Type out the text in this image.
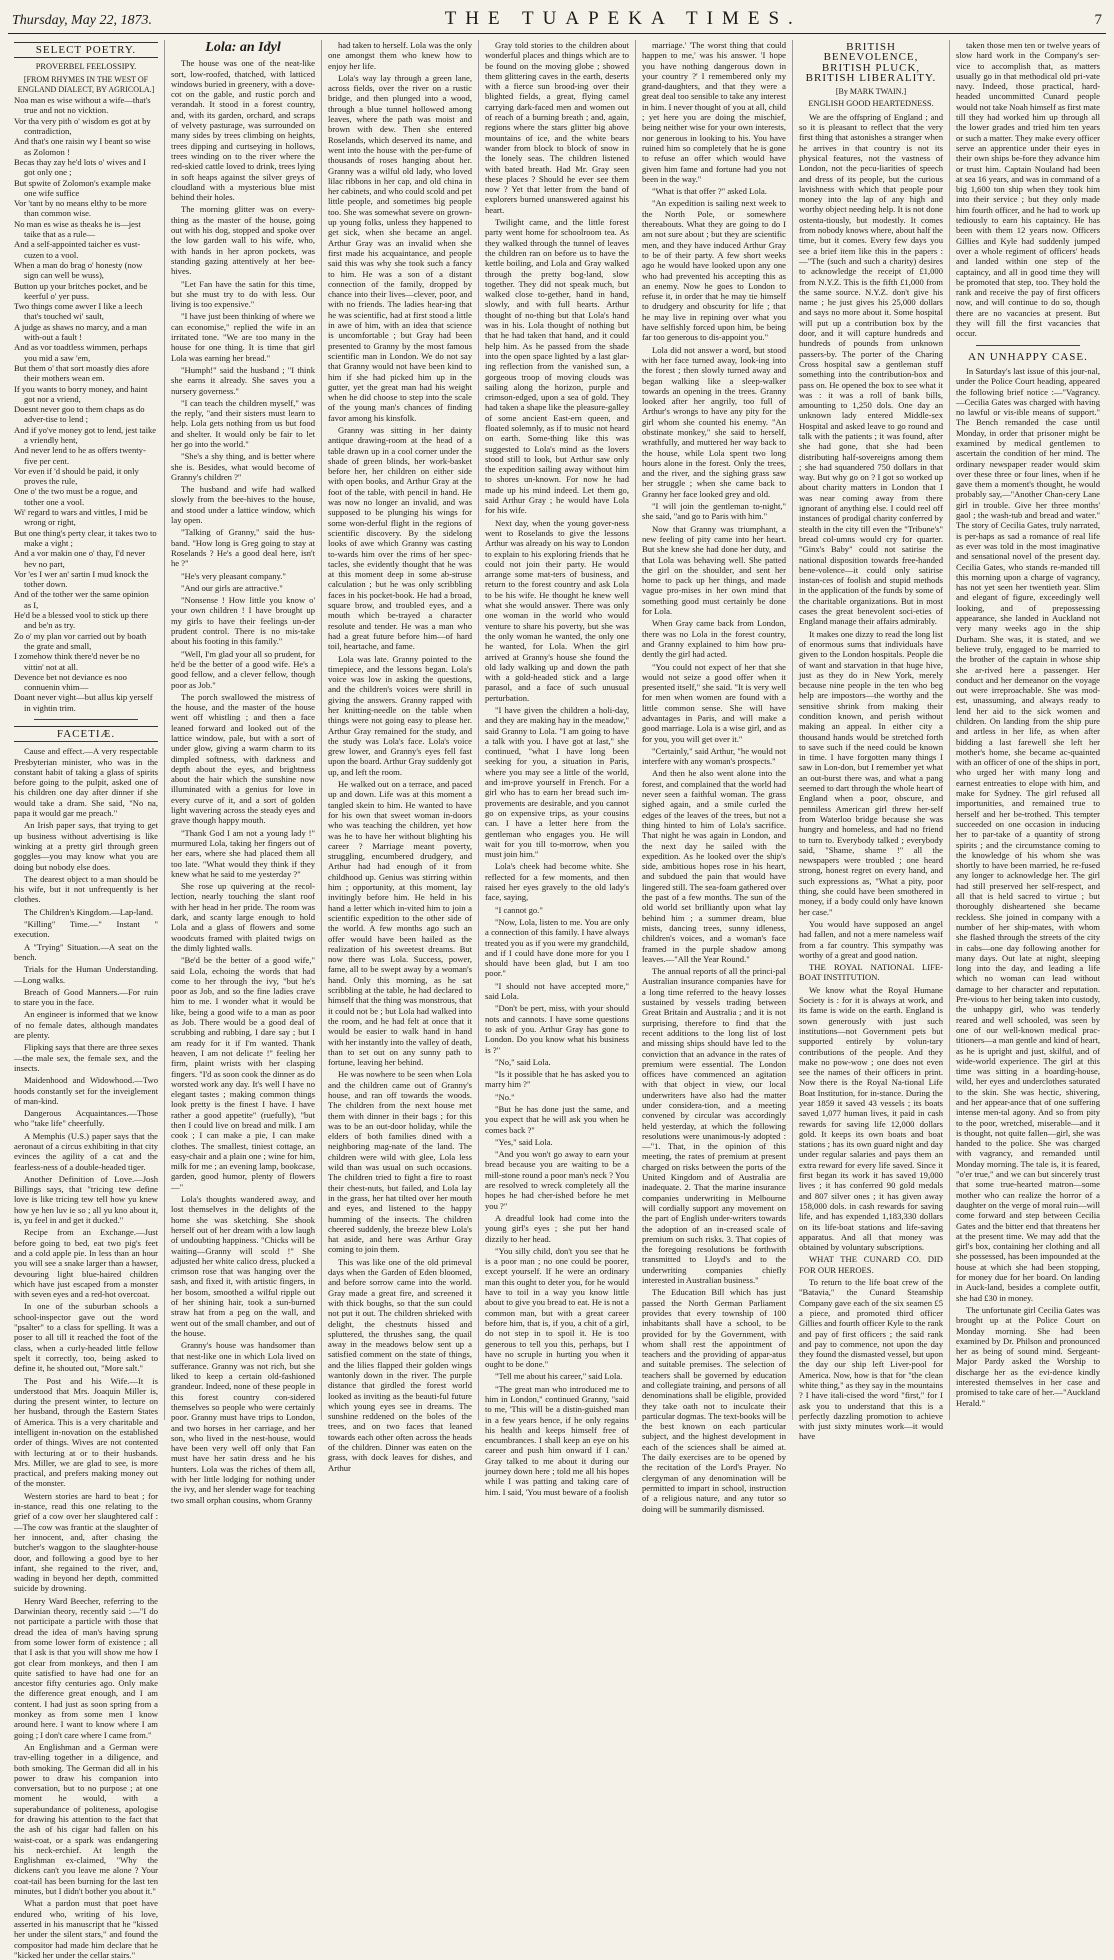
Thursday, May 22, 1873.	THE TUAPEKA TIMES.	7
SELECT POETRY.
PROVERBEL FEELOSSIPY.
[FROM RHYMES IN THE WEST OF ENGLAND DIALECT, BY AGRICOLA.]

Noa man es wise without a wife—that's true and not no vicktion.

Vor tha very pith o' wisdom es got at by contradiction,

And that's one raisin wy I beant so wise as Zolomon !

Becas thay zay he'd lots o' wives and I got only one ;

But spwite of Zolomon's example make one wife suffice

Vor 'tant by no means elthy to be more than common wise.

No man es wise as theaks he is—jest taike that as a rule—

And a self-appointed taicher es vust-cuzen to a vool.

When a man do brag o' honesty (now sign can well be wuss),

Button up your britches pocket, and be keerful o' yer puss.

Two things come awver I like a leech that's touched wi' sault,

A judge as shaws no marcy, and a man with-out a fault !

And as vor toadtless wimmen, perhaps you mid a saw 'em,

But them o' that sort moastly dies afore their mothers wean em.

If you wants to borry money, and haint got nor a vriend,

Doesnt never goo to them chaps as do adver-tise to lend ;

And if yo've money got to lend, jest taike a vriendly hent,

And never lend to he as offers twenty-five per cent.

Vor even if 'd should be paid, it only proves the rule,

One o' the two must be a rogue, and tother one a vool.

Wi' regard to wars and vittles, I mid be wrong or right,

But one thing's perty clear, it takes two to make a vight ;

And a vor makin one o' thay, I'd never hev no part,

Vor 'es I wer an' sartin I mud knock the tother down.

And of the tother wer the same opinion as I,

He'd be a blessed vool to stick up there and be'n as try.

Zo o' my plan vor carried out by boath the grate and small,

I zomehow think there'd never be no vittin' not at all.

Devence bet not deviance es noo connuenin vhim—

Doant never vight—but allus kip yerself in vightin trim.

FACETIÆ.

Cause and effect.—A very respectable Presbyterian minister, who was in the constant habit of taking a glass of spirits before going to the pulpit, asked one of his children one day after dinner if she would take a dram. She said, "No na, papa it would gar me preach."

An Irish paper says, that trying to get up business without advertising is like winking at a pretty girl through green goggles—you may know what you are doing but nobody else does.

The dearest object to a man should be his wife, but it not unfrequently is her clothes.

The Children's Kingdom.—Lap-land.

"Killing" Time.—" Instant " execution.

A "Trying" Situation.—A seat on the bench.

Trials for the Human Understanding.—Long walks.

Breach of Good Manners.—For ruin to stare you in the face.

An engineer is informed that we know of no female dates, although mandates are plenty.

Flipking says that there are three sexes—the male sex, the female sex, and the insects.

Maidenhood and Widowhood.—Two hoods constantly set for the inveiglement of man-kind.

Dangerous Acquaintances.—Those who "take life" cheerfully.

A Memphis (U.S.) paper says that the aeronaut of a circus exhibiting in that city evinces the agility of a cat and the fearless-ness of a double-headed tiger.

Another Definition of Love.—Josh Billings says, that "tricing tew define love is like tricing tew tell how yu knew how ye hen luv ie so ; all yu kno about it, is, yu feel in and get it ducked."

Recipe from an Exchange.—Just before going to bed, eat two pig's feet and a cold apple pie. In less than an hour you will see a snake larger than a hawser, devouring light blue-haired children which have just escaped from a monster with seven eyes and a red-hot overcoat.

In one of the suburban schools a school-inspector gave out the word "psalter" to a class for spelling. It was a poser to all till it reached the foot of the class, when a curly-headed little fellow spelt it correctly, too, being asked to define it, he shouted out, "More salt."

The Post and his Wife.—It is understood that Mrs. Joaquin Miller is, during the present winter, to lecture on her husband, through the Eastern States of America. This is a very charitable and intelligent in-novation on the established order of things. Wives are not contented with lecturing at or to their husbands. Mrs. Miller, we are glad to see, is more practical, and prefers making money out of the monster.

Western stories are hard to beat ; for in-stance, read this one relating to the grief of a cow over her slaughtered calf :—The cow was frantic at the slaughter of her innocent, and, after chasing the butcher's waggon to the slaughter-house door, and following a good bye to her infant, she regained to the river, and, wading in beyond her depth, committed suicide by drowning.

Henry Ward Beecher, referring to the Darwinian theory, recently said :—"I do not participate a particle with those that dread the idea of man's having sprung from some lower form of existence ; all that I ask is that you will show me how I got clear from monkeys, and then I am quite satisfied to have had one for an ancestor fifty centuries ago. Only make the difference great enough, and I am content. I had just as soon spring from a monkey as from some men I know around here. I want to know where I am going ; I don't care where I came from."

An Englishman and a German were trav-elling together in a diligence, and both smoking. The German did all in his power to draw his companion into conversation, but to no purpose ; at one moment he would, with a superabundance of politeness, apologise for drawing his attention to the fact that the ash of his cigar had fallen on his waist-coat, or a spark was endangering his neck-erchief. At length the Englishman ex-claimed, "Why the dickens can't you leave me alone ? Your coat-tail has been burning for the last ten minutes, but I didn't bother you about it."

What a pardon must that poet have endured who, writing of his love, asserted in his manuscript that he "kissed her under the silent stars," and found the compositor had made him declare that he "kicked her under the cellar stairs."

Lola: an Idyl

The house was one of the neat-like sort, low-roofed, thatched, with latticed windows buried in greenery, with a dove-cot on the gable, and rustic porch and verandah. It stood in a forest country, and, with its garden, orchard, and scraps of velvety pasturage, was surrounded on many sides by trees climbing on heights, trees dipping and curtseying in hollows, trees winding on to the river where the red-skied cattle loved to drink, trees lying in soft heaps against the silver greys of cloudland with a mysterious blue mist behind their holes.

The morning glitter was on every-thing as the master of the house, going out with his dog, stopped and spoke over the low garden wall to his wife, who, with hands in her apron pockets, was standing gazing attentively at her bee-hives.

"Let Fan have the satin for this time, but she must try to do with less. Our living is too expensive."

"I have just been thinking of where we can economise," replied the wife in an irritated tone. "We are too many in the house for one thing. It is time that girl Lola was earning her bread."

"Humph!" said the husband ; "I think she earns it already. She saves you a nursery governess."

"I can teach the children myself," was the reply, "and their sisters must learn to help. Lola gets nothing from us but food and shelter. It would only be fair to let her go into the world."

"She's a shy thing, and is better where she is. Besides, what would become of Granny's children ?"

The husband and wife had walked slowly from the bee-hives to the house, and stood under a lattice window, which lay open.

"Talking of Granny," said the hus-band. "How long is Greg going to stay at Roselands ? He's a good deal here, isn't he ?"

"He's very pleasant company."

"And our girls are attractive."

"Nonsense ! How little you know o' your own children ! I have brought up my girls to have their feelings un-der prudent control. There is no mis-take about his footing in this family."

"Well, I'm glad your all so prudent, for he'd be the better of a good wife. He's a good fellow, and a clever fellow, though poor as Job."

The porch swallowed the mistress of the house, and the master of the house went off whistling ; and then a face leaned forward and looked out of the lattice window, pale, but with a sort of under glow, giving a warm charm to its dimpled softness, with darkness and depth about the eyes, and brightness about the hair which the sunshine now illuminated with a genius for love in every curve of it, and a sort of golden light wavering across the steady eyes and grave though happy mouth.

"Thank God I am not a young lady !" murmured Lola, taking her fingers out of her ears, where she had placed them all too late. "What would they think if they knew what he said to me yesterday ?"

She rose up quivering at the recol-lection, nearly touching the slant roof with her head in her pride. The room was dark, and scanty large enough to hold Lola and a glass of flowers and some woodcuts framed with plaited twigs on the dimly lighted walls.

"Be'd be the better of a good wife," said Lola, echoing the words that had come to her through the ivy, "but he's poor as Job, and so the fine ladies crave him to me. I wonder what it would be like, being a good wife to a man as poor as Job. There would be a good deal of scrubbing and rubbing, I dare say ; but I am ready for it if I'm wanted. Thank heaven, I am not delicate !" feeling her firm, plaint wrists with her clasping fingers. "I'd as soon cook the dinner as do worsted work any day. It's well I have no elegant tastes ; making common things look pretty is the finest I have. I have rather a good appetite" (ruefully), "but then I could live on bread and milk. I am cook ; I can make a pie, I can make clothes. The smallest, tiniest cottage, an easy-chair and a plain one ; wine for him, milk for me ; an evening lamp, bookcase, garden, good humor, plenty of flowers—"

Lola's thoughts wandered away, and lost themselves in the delights of the home she was sketching. She shook herself out of her dream with a low laugh of undoubting happiness. "Chicks will be waiting—Granny will scold !" She adjusted her white calico dress, plucked a crimson rose that was hanging over the sash, and fixed it, with artistic fingers, in her bosom, smoothed a wilful ripple out of her shining hair, took a sun-burned straw hat from a peg on the wall, and went out of the small chamber, and out of the house.

Granny's house was handsomer than that nest-like one in which Lola lived on sufferance. Granny was not rich, but she liked to keep a certain old-fashioned grandeur. Indeed, none of these people in this forest country con-sidered themselves so people who were certainly poor. Granny must have trips to London, and two horses in her carriage, and her son, who lived in the nest-house, would have been very well off only that Fan must have her satin dress and he his hunters. Lola was the riches of them all, with her little lodging for nothing under the ivy, and her slender wage for teaching two small orphan cousins, whom Granny

had taken to herself. Lola was the only one amongst them who knew how to enjoy her life.

Lola's way lay through a green lane, across fields, over the river on a rustic bridge, and then plunged into a wood, through a blue tunnel hollowed among leaves, where the path was moist and brown with dew. Then she entered Roselands, which deserved its name, and went into the house with the per-fume of thousands of roses hanging about her. Granny was a wilful old lady, who loved lilac ribbons in her cap, and old china in her cabinets, and who could scold and pet little people, and sometimes big people too. She was somewhat severe on grown-up young folks, unless they happened to get sick, when she became an angel. Arthur Gray was an invalid when she first made his acquaintance, and people said this was why she took such a fancy to him. He was a son of a distant connection of the family, dropped by chance into their lives—clever, poor, and with no friends. The ladies hear-ing that he was scientific, had at first stood a little in awe of him, with an idea that science is uncomfortable ; but Gray had been presented to Granny by the most famous scientific man in London. We do not say that Granny would not have been kind to him if she had picked him up in the gutter, yet the great man had his weight when he did choose to step into the scale of the young man's chances of finding favor among his kinsfolk.

Granny was sitting in her dainty antique drawing-room at the head of a table drawn up in a cool corner under the shade of green blinds, her work-basket before her, her children on either side with open books, and Arthur Gray at the foot of the table, with pencil in hand. He was now no longer an invalid, and was supposed to be plunging his wings for some won-derful flight in the regions of scientific discovery. By the sidelong looks of awe which Granny was casting to-wards him over the rims of her spec-tacles, she evidently thought that he was at this moment deep in some ab-struse calculation ; but he was only scribbling faces in his pocket-book. He had a broad, square brow, and troubled eyes, and a mouth which be-trayed a character resolute and tender. He was a man who had a great future before him—of hard toil, heartache, and fame.

Lola was late. Granny pointed to the timepiece, and the lessons began. Lola's voice was low in asking the questions, and the children's voices were shrill in giving the answers. Granny rapped with her knitting-needle on the table when things were not going easy to please her. Arthur Gray remained for the study, and the study was Lola's face. Lola's voice grew lower, and Granny's eyes fell fast upon the board. Arthur Gray suddenly got up, and left the room.

He walked out on a terrace, and paced up and down. Life was at this moment a tangled skein to him. He wanted to have for his own that sweet woman in-doors who was teaching the children, yet how was he to have her without blighting his career ? Marriage meant poverty, struggling, encumbered drudgery, and Arthur had had enough of it from childhood up. Genius was stirring within him ; opportunity, at this moment, lay invitingly before him. He held in his hand a letter which in-vited him to join a scientific expedition to the other side of the world. A few months ago such an offer would have been hailed as the realization of his sweetest dreams. But now there was Lola. Success, power, fame, all to be swept away by a woman's hand. Only this morning, as he sat scribbling at the table, he had declared to himself that the thing was monstrous, that it could not be ; but Lola had walked into the room, and he had felt at once that it would be easier to walk hand in hand with her instantly into the valley of death, than to set out on any sunny path to fortune, leaving her behind.

He was nowhere to be seen when Lola and the children came out of Granny's house, and ran off towards the woods. The children from the next house met them with dinner in their bags ; for this was to be an out-door holiday, while the elders of both families dined with a neighboring mag-nate of the land. The children were wild with glee, Lola less wild than was usual on such occasions. The children tried to fight a fire to roast their chest-nuts, but failed, and Lola lay in the grass, her hat tilted over her mouth and eyes, and listened to the happy humming of the insects. The children cheered suddenly, the breeze blew Lola's hat aside, and here was Arthur Gray coming to join them.

This was like one of the old primeval days when the Garden of Eden bloomed, and before sorrow came into the world. Gray made a great fire, and screened it with thick boughs, so that the sun could not put it out. The children shrieked with delight, the chestnuts hissed and spluttered, the thrushes sang, the quail away in the meadows below sent up a satisfied comment on the state of things, and the lilies flapped their golden wings wantonly down in the river. The purple distance that girdled the forest world looked as inviting as the beauti-ful future which young eyes see in dreams. The sunshine reddened on the boles of the trees, and on two faces that leaned towards each other often across the heads of the children. Dinner was eaten on the grass, with dock leaves for dishes, and Arthur

Gray told stories to the children about wonderful places and things which are to be found on the moving globe ; showed them glittering caves in the earth, deserts with a fierce sun brood-ing over their blighted fields, a great, flying camel carrying dark-faced men and women out of reach of a burning breath ; and, again, regions where the stars glitter big above mountains of ice, and the white bears wander from block to block of snow in the lonely seas. The children listened with bated breath. Had Mr. Gray seen these places ? Should he ever see them now ? Yet that letter from the band of explorers burned unanswered against his heart.

Twilight came, and the little forest party went home for schoolroom tea. As they walked through the tunnel of leaves the children ran on before us to have the kettle boiling, and Lola and Gray walked through the pretty bog-land, slow together. They did not speak much, but walked close to-gether, hand in hand, slowly, and with full hearts. Arthur thought of no-thing but that Lola's hand was in his. Lola thought of nothing but that he had taken that hand, and it could help him. As he passed from the shade into the open space lighted by a last glar-ing reflection from the vanished sun, a gorgeous troop of moving clouds was sailing along the horizon, purple and crimson-edged, upon a sea of gold. They had taken a shape like the pleasure-galley of some ancient East-ern queen, and floated solemnly, as if to music not heard on earth. Some-thing like this was suggested to Lola's mind as the lovers stood still to look, but Arthur saw only the expedition sailing away without him to shores un-known. For now he had made up his mind indeed. Let them go, said Arthur Gray ; he would have Lola for his wife.

Next day, when the young gover-ness went to Roselands to give the lessons Arthur was already on his way to London to explain to his exploring friends that he could not join their party. He would arrange some mat-ters of business, and return to the forest country and ask Lola to be his wife. He thought he knew well what she would answer. There was only one woman in the world who would venture to share his poverty, but she was the only woman he wanted, the only one he wanted, for Lola. When the girl arrived at Granny's house she found the old lady walking up and down the path with a gold-headed stick and a large parasol, and a face of such unusual perturbation.

"I have given the children a holi-day, and they are making hay in the meadow," said Granny to Lola. "I am going to have a talk with you. I have got at last," she continued, "what I have long been seeking for you, a situation in Paris, where you may see a little of the world, and im-prove yourself in French. For a girl who has to earn her bread such im-provements are desirable, and you cannot go on expensive trips, as your cousins can. I have a letter here from the gentleman who engages you. He will wait for you till to-morrow, when you must join him."

Lola's cheek had become white. She reflected for a few moments, and then raised her eyes gravely to the old lady's face, saying,

"I cannot go."

"Now, Lola, listen to me. You are only a connection of this family. I have always treated you as if you were my grandchild, and if I could have done more for you I should have been glad, but I am too poor."

"I should not have accepted more," said Lola.

"Don't be pert, miss, with your should nots and cannots. I have some questions to ask of you. Arthur Gray has gone to London. Do you know what his business is ?"

"No," said Lola.

"Is it possible that he has asked you to marry him ?"

"No."

"But he has done just the same, and you expect that he will ask you when he comes back ?"

"Yes," said Lola.

"And you won't go away to earn your bread because you are waiting to be a mill-stone round a poor man's neck ? You are resolved to wreck completely all the hopes he had cher-ished before he met you ?"

A dreadful look had come into the young girl's eyes ; she put her hand dizzily to her head.

"You silly child, don't you see that he is a poor man ; no one could be poorer, except yourself. If he were an ordinary man this ought to deter you, for he would have to toil in a way you know little about to give you bread to eat. He is not a common man, but with a great career before him, that is, if you, a chit of a girl, do not step in to spoil it. He is too generous to tell you this, perhaps, but I have no scruple in hurting you when it ought to be done."

"Tell me about his career," said Lola.

"The great man who introduced me to him in London," continued Granny, "said to me, 'This will be a distin-guished man in a few years hence, if he only regains his health and keeps himself free of encumbrances. I shall keep an eye on his career and push him onward if I can.' Gray talked to me about it during our journey down here ; told me all his hopes while I was patting and taking care of him. I said, 'You must beware of a foolish

marriage.' 'The worst thing that could happen to me,' was his answer. 'I hope you have nothing dangerous down in your country ?' I remembered only my grand-daughters, and that they were a great deal too sensible to take any interest in him. I never thought of you at all, child ; yet here you are doing the mischief, being neither wise for your own interests, nor generous in looking to his. You have ruined him so completely that he is gone to refuse an offer which would have given him fame and fortune had you not been in the way."

"What is that offer ?" asked Lola.

"An expedition is sailing next week to the North Pole, or somewhere thereabouts. What they are going to do I am not sure about ; but they are scientific men, and they have induced Arthur Gray to be of their party. A few short weeks ago he would have looked upon any one who had prevented his accepting this as an enemy. Now he goes to London to refuse it, in order that he may tie himself to drudgery and obscurity for life ; that he may live in repining over what you have selfishly forced upon him, be being far too generous to dis-appoint you."

Lola did not answer a word, but stood with her face turned away, look-ing into the forest ; then slowly turned away and began walking like a sleep-walker towards an opening in the trees. Granny looked after her angrily, too full of Arthur's wrongs to have any pity for the girl whom she counted his enemy. "An obstinate monkey," she said to herself, wrathfully, and muttered her way back to the house, while Lola spent two long hours alone in the forest. Only the trees, and the river, and the sighing grass saw her struggle ; when she came back to Granny her face looked grey and old.

"I will join the gentleman to-night," she said, "and go to Paris with him."

Now that Granny was triumphant, a new feeling of pity came into her heart. But she knew she had done her duty, and that Lola was behaving well. She patted the girl on the shoulder, and sent her home to pack up her things, and made vague pro-mises in her own mind that something good must certainly be done for Lola.

When Gray came back from London, there was no Lola in the forest country, and Granny explained to him how pru-dently the girl had acted.

"You could not expect of her that she would not seize a good offer when it presented itself," she said. "It is very well for men when women are found with a little common sense. She will have advantages in Paris, and will make a good marriage. Lola is a wise girl, and as for you, you will get over it."

"Certainly," said Arthur, "he would not interfere with any woman's prospects."

And then he also went alone into the forest, and complained that the world had never seen a faithful woman. The grass sighed again, and a smile curled the edges of the leaves of the trees, but not a thing hinted to him of Lola's sacrifice. That night he was again in London, and the next day he sailed with the expedition. As he looked over the ship's side, ambitious hopes rose in his heart, and subdued the pain that would have lingered still. The sea-foam gathered over the past of a few months. The sun of the old world set brilliantly upon what lay behind him ; a summer dream, blue mists, dancing trees, sunny idleness, children's voices, and a woman's face framed in the purple shadow among leaves.—"All the Year Round."

The annual reports of all the princi-pal Australian insurance companies have for a long time referred to the heavy losses sustained by vessels trading between Great Britain and Australia ; and it is not surprising, therefore to find that the recent additions to the long list of lost and missing ships should have led to the conviction that an advance in the rates of premium were essential. The London offices have commenced an agitation with that object in view, our local underwriters have also had the matter under considera-tion, and a meeting convened by circular was accordingly held yesterday, at which the following resolutions were unanimous-ly adopted :—"1. That, in the opinion of this meeting, the rates of premium at present charged on risks between the ports of the United Kingdom and of Australia are inadequate. 2. That the marine insurance companies underwriting in Melbourne will cordially support any movement on the part of English under-writers towards the adoption of an in-creased scale of premium on such risks. 3. That copies of the foregoing resolutions be forthwith transmitted to Lloyd's and to the underwriting companies chiefly interested in Australian business."

The Education Bill which has just passed the North German Parliament provides that every township of 100 inhabitants shall have a school, to be provided for by the Government, with whom shall rest the appointment of teachers and the providing of appar-atus and suitable premises. The selection of teachers shall be governed by education and collegiate training, and persons of all denominations shall be eligible, provided they take oath not to inculcate their particular dogmas. The text-books will be the best known on each particular subject, and the highest development in each of the sciences shall be aimed at. The daily exercises are to be opened by the recitation of the Lord's Prayer. No clergyman of any denomination will be permitted to impart in school, instruction of a religious nature, and any tutor so doing will be summarily dismissed.

BRITISH BENEVOLENCE, BRITISH PLUCK, BRITISH LIBERALITY.
[By MARK TWAIN.]
ENGLISH GOOD HEARTEDNESS.

We are the offspring of England ; and so it is pleasant to reflect that the very first thing that astonishes a stranger when he arrives in that country is not its physical features, not the vastness of London, not the pecu-liarities of speech and dress of its people, but the curious lavishness with which that people pour money into the lap of any high and worthy object needing help. It is not done ostenta-tiously, but modestly. It comes from nobody knows where, about half the time, but it comes. Every few days you see a brief item like this in the papers :—"The (such and such a charity) desires to acknowledge the receipt of £1,000 from N.Y.Z. This is the fifth £1,000 from the same source. N.Y.Z. don't give his name ; he just gives his 25,000 dollars and says no more about it. Some hospital will put up a contribution box by the door, and it will capture hundreds and hundreds of pounds from unknown passers-by. The porter of the Charing Cross hospital saw a gentleman stuff something into the contribution-box and pass on. He opened the box to see what it was : it was a roll of bank bills, amounting to 1,250 dols. One day an unknown lady entered Middle-sex Hospital and asked leave to go round and talk with the patients ; it was found, after she had gone, that she had been distributing half-sovereigns among them ; she had squandered 750 dollars in that way. But why go on ? I got so worked up about charity matters in London that I was near coming away from there ignorant of anything else. I could reel off instances of prodigal charity conferred by stealth in the city till even the "Tribune's" bread col-umns would cry for quarter. "Ginx's Baby" could not satirise the national disposition towards free-handed bene-volence—it could only satirise instan-ces of foolish and stupid methods in the application of the funds by some of the charitable organizations. But in most cases the great benevolent soci-eties of England manage their affairs admirably.

It makes one dizzy to read the long list of enormous sums that individuals have given to the London hospitals. People die of want and starvation in that huge hive, just as they do in New York, merely because nine people in the ten who beg help are impostors—the worthy and the sensitive shrink from making their condition known, and perish without making an appeal. In either city a thousand hands would be stretched forth to save such if the need could be known in time. I have forgotten many things I saw in Lon-don, but I remember yet what an out-burst there was, and what a pang seemed to dart through the whole heart of England when a poor, obscure, and penniless American girl threw her-self from Waterloo bridge because she was hungry and homeless, and had no friend to turn to. Everybody talked ; everybody said, "Shame, shame !" all the newspapers were troubled ; one heard strong, honest regret on every hand, and such expressions as, "What a pity, poor thing, she could have been smothered in money, if a body could only have known her case."

You would have supposed an angel had fallen, and not a mere nameless waif from a far country. This sympathy was worthy of a great and good nation.

THE ROYAL NATIONAL LIFE-BOAT INSTITUTION.

We know what the Royal Humane Society is : for it is always at work, and its fame is wide on the earth. England is sown generously with just such institutions—not Government pets but supported entirely by volun-tary contributions of the people. And they make no pow-wow ; one does not even see the names of their officers in print. Now there is the Royal Na-tional Life Boat Institution, for in-stance. During the year 1859 it saved 43 vessels ; its boats saved 1,077 human lives, it paid in cash rewards for saving life 12,000 dollars gold. It keeps its own boats and boat stations ; has its own guard night and day under regular salaries and pays them an extra reward for every life saved. Since it first began its work it has saved 19,000 lives ; it has conferred 90 gold medals and 807 silver ones ; it has given away 158,000 dols. in cash rewards for saving life, and has expended 1,183,330 dollars on its life-boat stations and life-saving apparatus. And all that money was obtained by voluntary subscriptions.

WHAT THE CUNARD CO. DID FOR OUR HEROES.

To return to the life boat crew of the "Batavia," the Cunard Steamship Company gave each of the six seamen £5 a piece, and promoted third officer Gillies and fourth officer Kyle to the rank and pay of first officers ; the said rank and pay to commence, not upon the day they found the dismasted vessel, but upon the day our ship left Liver-pool for America. Now, how is that for "the clean white thing," as they say in the mountains ? I have itali-cised the word "first," for I ask you to understand that this is a perfectly dazzling promotion to achieve with just sixty minutes work—it would have

taken those men ten or twelve years of slow hard work in the Company's ser-vice to accomplish that, as matters usually go in that methodical old pri-vate navy. Indeed, those practical, hard-headed uncommitted Cunard people would not take Noah himself as first mate till they had worked him up through all the lower grades and tried him ten years or such a matter. They make every officer serve an apprentice under their eyes in their own ships be-fore they advance him or trust him. Captain Nouland had been at sea 16 years, and was in command of a big 1,600 ton ship when they took him into their service ; but they only made him fourth officer, and he had to work up tediously to earn his captaincy. He has been with them 12 years now. Officers Gillies and Kyle had suddenly jumped over a whole regiment of officers' heads and landed within one step of the captaincy, and all in good time they will be promoted that step, too. They hold the rank and receive the pay of first officers now, and will continue to do so, though there are no vacancies at present. But they will fill the first vacancies that occur.

AN UNHAPPY CASE.

In Saturday's last issue of this jour-nal, under the Police Court heading, appeared the following brief notice :—"Vagrancy.—Cecilia Gates was charged with having no lawful or vis-ible means of support." The Bench remanded the case until Monday, in order that prisoner might be examined by medical gentlemen to ascertain the condition of her mind. The ordinary newspaper reader would skim over these three or four lines, when if he gave them a moment's thought, he would probably say,—"Another Chan-cery Lane girl in trouble. Give her three months' gaol ; the wash-tub and bread and water." The story of Cecilia Gates, truly narrated, is per-haps as sad a romance of real life as ever was told in the most imaginative and sensational novel of the present day. Cecilia Gates, who stands re-manded till this morning upon a charge of vagrancy, has not yet seen her twentieth year. Slim and elegant of figure, exceedingly well looking, and of prepossessing appearance, she landed in Auckland not very many weeks ago in the ship Durham. She was, it is stated, and we believe truly, engaged to be married to the brother of the captain in whose ship she ar-rived here a passenger. Her conduct and her demeanor on the voyage out were irreproachable. She was mod-est, unassuming, and always ready to lend her aid to the sick women and children. On landing from the ship pure and artless in her life, as when after bidding a last farewell she left her mother's home, she became ac-quainted with an officer of one of the ships in port, who urged her with many long and earnest entreaties to elope with him, and make for Sydney. The girl refused all importunities, and remained true to herself and her be-trothed. This tempter succeeded on one occasion in inducing her to par-take of a quantity of strong spirits ; and the circumstance coming to the knowledge of his whom she was shortly to have been married, he re-fused any longer to acknowledge her. The girl had still preserved her self-respect, and all that is held sacred to virtue ; but thoroughly disheartened she became reckless. She joined in company with a number of her ship-mates, with whom she flashed through the streets of the city in cabs—one day following another for many days. Out late at night, sleeping long into the day, and leading a life which no woman can lead without damage to her character and reputation. Pre-vious to her being taken into custody, the unhappy girl, who was tenderly reared and well schooled, was seen by one of our well-known medical prac-titioners—a man gentle and kind of heart, as he is upright and just, skilful, and of wide-world experience. The girl at this time was sitting in a boarding-house, wild, her eyes and underclothes saturated to the skin. She was hectic, shivering, and her appear-ance that of one suffering intense men-tal agony. And so from pity to the poor, wretched, miserable—and it is thought, not quite fallen—girl, she was handed to the police. She was charged with vagrancy, and remanded until Monday morning. The tale is, it is feared, "o'er true," and we can but sincerely trust that some true-hearted matron—some mother who can realize the horror of a daughter on the verge of moral ruin—will come forward and step between Cecilia Gates and the bitter end that threatens her at the present time. We may add that the girl's box, containing her clothing and all she possessed, has been impounded at the house at which she had been stopping, for money due for her board. On landing in Auck-land, besides a complete outfit, she had £30 in money.

The unfortunate girl Cecilia Gates was brought up at the Police Court on Monday morning. She had been examined by Dr. Philson and pronounced her as being of sound mind. Sergeant-Major Pardy asked the Worship to discharge her as the evi-dence kindly interested themselves in her case and promised to take care of her.—"Auckland Herald."
